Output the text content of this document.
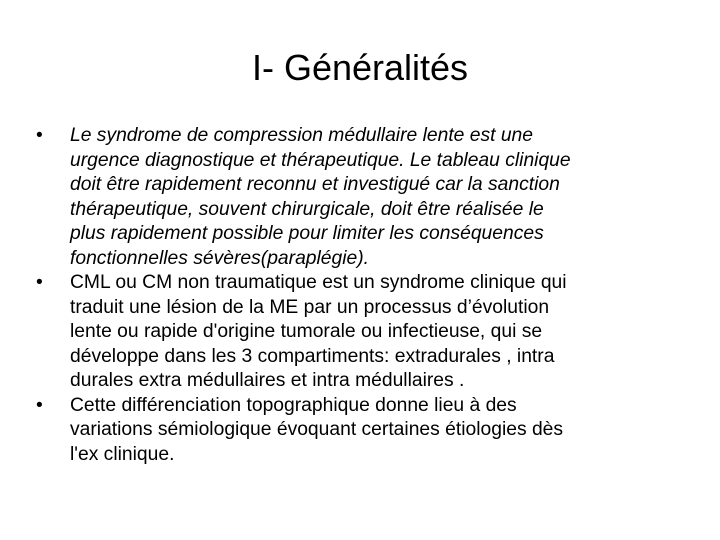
I- Généralités
•	Le syndrome de compression médullaire lente est une
urgence diagnostique et thérapeutique. Le tableau clinique
doit être rapidement reconnu et investigué car la sanction
thérapeutique, souvent chirurgicale, doit être réalisée le
plus rapidement possible pour limiter les conséquences
fonctionnelles sévères(paraplégie).
•	CML ou CM non traumatique est un syndrome clinique qui
traduit une lésion de la ME par un processus d’évolution
lente ou rapide d'origine tumorale ou infectieuse, qui se
développe dans les 3 compartiments: extradurales , intra
durales extra médullaires et intra médullaires .
•	Cette différenciation topographique donne lieu à des
variations sémiologique évoquant certaines étiologies dès
l'ex clinique.
